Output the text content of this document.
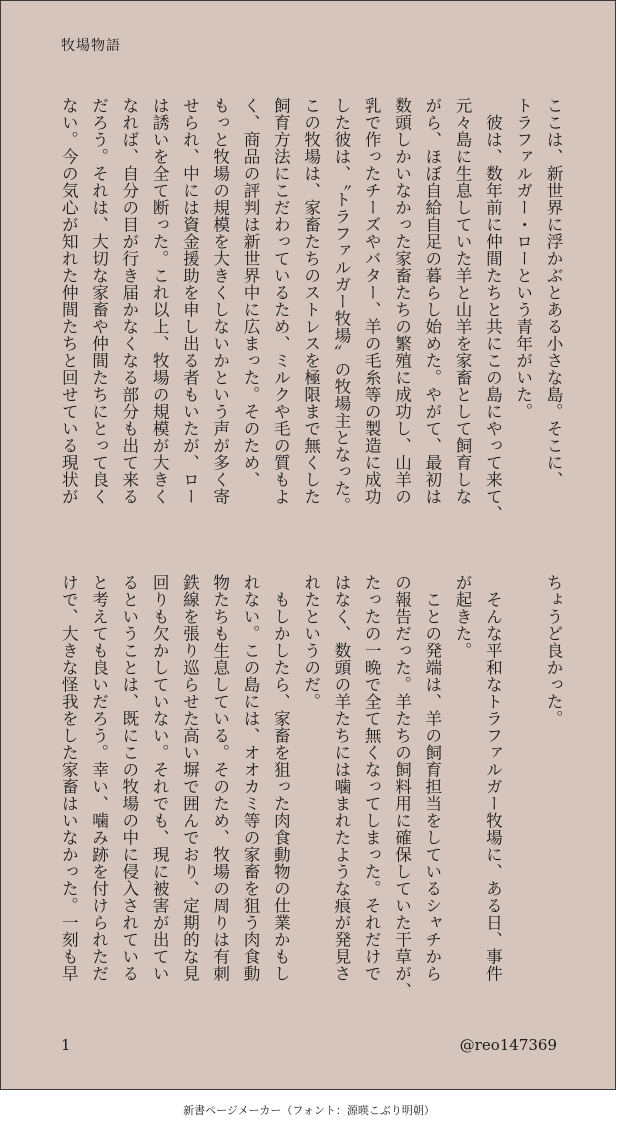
牧場物語
ここは、新世界に浮かぶとある小さな島。そこに、
トラファルガー・ローという青年がいた。
　彼は、数年前に仲間たちと共にこの島にやって来て、
元々島に生息していた羊と山羊を家畜として飼育しな
がら、ほぼ自給自足の暮らし始めた。やがて、最初は
数頭しかいなかった家畜たちの繁殖に成功し、山羊の
乳で作ったチーズやバター、羊の毛糸等の製造に成功
した彼は、〝トラファルガー牧場〟の牧場主となった。
この牧場は、家畜たちのストレスを極限まで無くした
飼育方法にこだわっているため、ミルクや毛の質もよ
く、商品の評判は新世界中に広まった。そのため、
もっと牧場の規模を大きくしないかという声が多く寄
せられ、中には資金援助を申し出る者もいたが、ロー
は誘いを全て断った。これ以上、牧場の規模が大きく
なれば、自分の目が行き届かなくなる部分も出て来る
だろう。それは、大切な家畜や仲間たちにとって良く
ない。今の気心が知れた仲間たちと回せている現状が
ちょうど良かった。

　そんな平和なトラファルガー牧場に、ある日、事件
が起きた。
　ことの発端は、羊の飼育担当をしているシャチから
の報告だった。羊たちの飼料用に確保していた干草が、
たったの一晩で全て無くなってしまった。それだけで
はなく、数頭の羊たちには噛まれたような痕が発見さ
れたというのだ。
　もしかしたら、家畜を狙った肉食動物の仕業かもし
れない。この島には、オオカミ等の家畜を狙う肉食動
物たちも生息している。そのため、牧場の周りは有刺
鉄線を張り巡らせた高い塀で囲んでおり、定期的な見
回りも欠かしていない。それでも、現に被害が出てい
るということは、既にこの牧場の中に侵入されている
と考えても良いだろう。幸い、噛み跡を付けられただ
けで、大きな怪我をした家畜はいなかった。一刻も早
1	@reo147369
新書ページメーカー（フォント：源暎こぶり明朝）
